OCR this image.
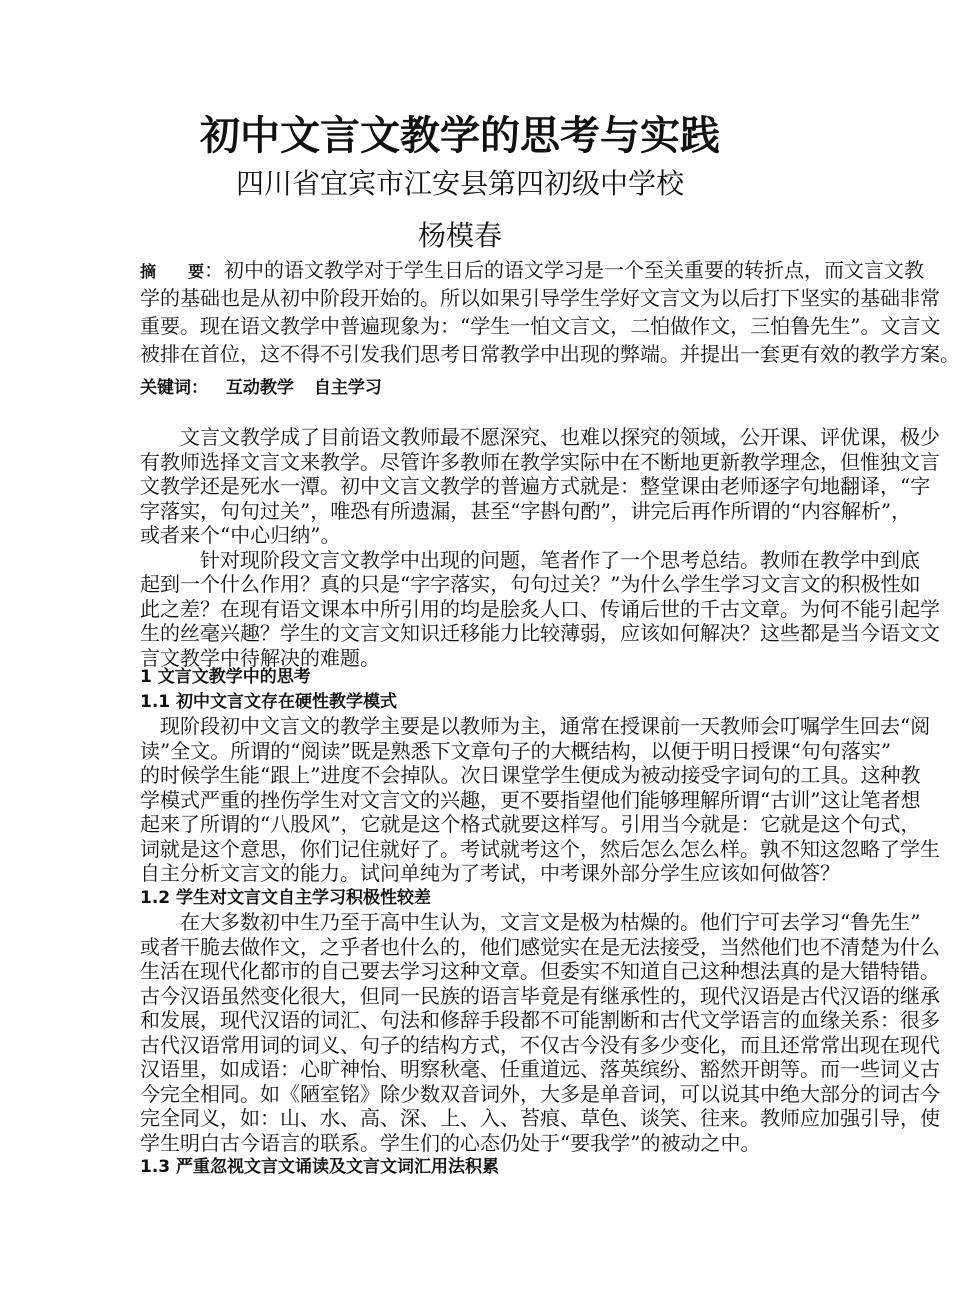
初中文言文教学的思考与实践
四川省宜宾市江安县第四初级中学校
杨模春
摘　　要：初中的语文教学对于学生日后的语文学习是一个至关重要的转折点，而文言文教
学的基础也是从初中阶段开始的。所以如果引导学生学好文言文为以后打下坚实的基础非常
重要。现在语文教学中普遍现象为：“学生一怕文言文，二怕做作文，三怕鲁先生”。文言文
被排在首位，这不得不引发我们思考日常教学中出现的弊端。并提出一套更有效的教学方案。
关键词： 互动教学 自主学习
　　文言文教学成了目前语文教师最不愿深究、也难以探究的领域，公开课、评优课，极少
有教师选择文言文来教学。尽管许多教师在教学实际中在不断地更新教学理念，但惟独文言
文教学还是死水一潭。初中文言文教学的普遍方式就是：整堂课由老师逐字句地翻译，“字
字落实，句句过关”，唯恐有所遗漏，甚至“字斟句酌”，讲完后再作所谓的“内容解析”，
或者来个“中心归纳”。
　　　针对现阶段文言文教学中出现的问题，笔者作了一个思考总结。教师在教学中到底
起到一个什么作用？真的只是“字字落实，句句过关？”为什么学生学习文言文的积极性如
此之差？在现有语文课本中所引用的均是脍炙人口、传诵后世的千古文章。为何不能引起学
生的丝毫兴趣？学生的文言文知识迁移能力比较薄弱，应该如何解决？这些都是当今语文文
言文教学中待解决的难题。
1 文言文教学中的思考
1.1 初中文言文存在硬性教学模式
　现阶段初中文言文的教学主要是以教师为主，通常在授课前一天教师会叮嘱学生回去“阅
读”全文。所谓的“阅读”既是熟悉下文章句子的大概结构，以便于明日授课“句句落实”
的时候学生能“跟上”进度不会掉队。次日课堂学生便成为被动接受字词句的工具。这种教
学模式严重的挫伤学生对文言文的兴趣，更不要指望他们能够理解所谓“古训”这让笔者想
起来了所谓的“八股风”，它就是这个格式就要这样写。引用当今就是：它就是这个句式，
词就是这个意思，你们记住就好了。考试就考这个，然后怎么怎么样。孰不知这忽略了学生
自主分析文言文的能力。试问单纯为了考试，中考课外部分学生应该如何做答？
1.2 学生对文言文自主学习积极性较差
　　在大多数初中生乃至于高中生认为，文言文是极为枯燥的。他们宁可去学习“鲁先生”
或者干脆去做作文，之乎者也什么的，他们感觉实在是无法接受，当然他们也不清楚为什么
生活在现代化都市的自己要去学习这种文章。但委实不知道自己这种想法真的是大错特错。
古今汉语虽然变化很大，但同一民族的语言毕竟是有继承性的，现代汉语是古代汉语的继承
和发展，现代汉语的词汇、句法和修辞手段都不可能割断和古代文学语言的血缘关系：很多
古代汉语常用词的词义、句子的结构方式，不仅古今没有多少变化，而且还常常出现在现代
汉语里，如成语：心旷神怡、明察秋毫、任重道远、落英缤纷、豁然开朗等。而一些词义古
今完全相同。如《陋室铭》除少数双音词外，大多是单音词，可以说其中绝大部分的词古今
完全同义，如：山、水、高、深、上、入、苔痕、草色、谈笑、往来。教师应加强引导，使
学生明白古今语言的联系。学生们的心态仍处于“要我学”的被动之中。
1.3 严重忽视文言文诵读及文言文词汇用法积累
